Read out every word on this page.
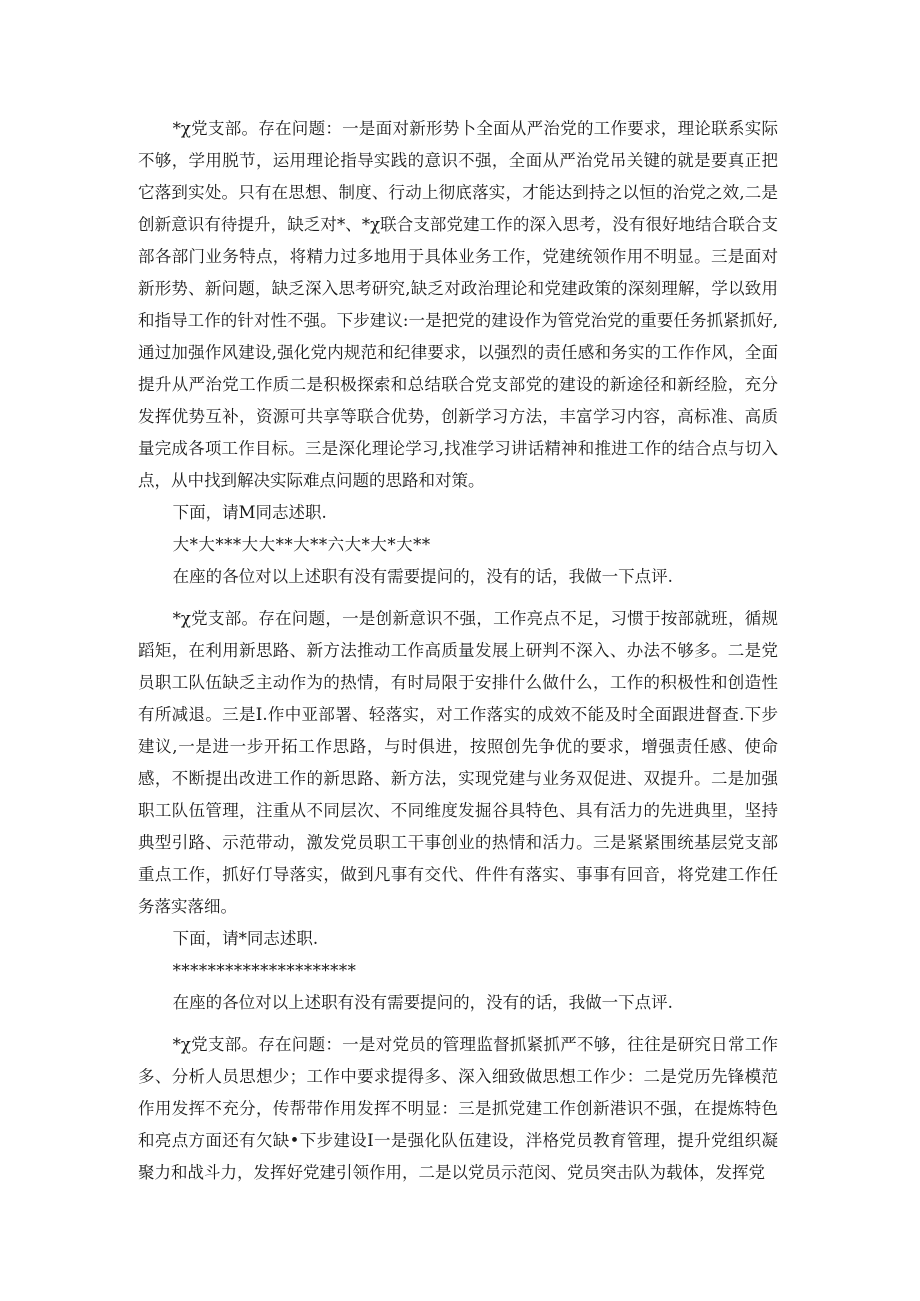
*χ党支部。存在问题：一是面对新形势卜全面从严治党的工作要求，理论联系实际不够，学用脱节，运用理论指导实践的意识不强，全面从严治党吊关键的就是要真正把它落到实处。只有在思想、制度、行动上彻底落实，才能达到持之以恒的治党之效,二是创新意识有待提升，缺乏对*、*χ联合支部党建工作的深入思考，没有很好地结合联合支部各部门业务特点，将精力过多地用于具体业务工作，党建统领作用不明显。三是面对新形势、新问题，缺乏深入思考研究,缺乏对政治理论和党建政策的深刻理解，学以致用和指导工作的针对性不强。下步建议:一是把党的建设作为管党治党的重要任务抓紧抓好,通过加强作风建设,强化党内规范和纪律要求，以强烈的责任感和务实的工作作风，全面提升从严治党工作质二是积极探索和总结联合党支部党的建设的新途径和新经脸，充分发挥优势互补，资源可共享等联合优势，创新学习方法，丰富学习内容，高标准、高质量完成各项工作目标。三是深化理论学习,找准学习讲话精神和推进工作的结合点与切入点，从中找到解决实际难点问题的思路和对策。

下面，请M同志述职.

大*大***大大**大**六大*大*大**

在座的各位对以上述职有没有需要提问的，没有的话，我做一下点评.

*χ党支部。存在问题，一是创新意识不强，工作亮点不足，习惯于按部就班，循规蹈矩，在利用新思路、新方法推动工作高质量发展上研判不深入、办法不够多。二是党员职工队伍缺乏主动作为的热情，有时局限于安排什么做什么，工作的积极性和创造性有所减退。三是I.作中亚部署、轻落实，对工作落实的成效不能及时全面跟进督查.下步建议,一是进一步开拓工作思路，与时俱进，按照创先争优的要求，增强责任感、使命感，不断提出改进工作的新思路、新方法，实现党建与业务双促进、双提升。二是加强职工队伍管理，注重从不同层次、不同维度发掘谷具特色、具有活力的先进典里，坚持典型引路、示范带动，激发党员职工干事创业的热情和活力。三是紧紧围统基层党支部重点工作，抓好仃导落实，做到凡事有交代、件件有落实、事事有回音，将党建工作任务落实落细。

下面，请*同志述职.

*********************

在座的各位对以上述职有没有需要提问的，没有的话，我做一下点评.

*χ党支部。存在问题：一是对党员的管理监督抓紧抓严不够，往往是研究日常工作多、分析人员思想少；工作中要求提得多、深入细致做思想工作少：二是党历先锋模范作用发挥不充分，传帮带作用发挥不明显：三是抓党建工作创新港识不强，在提炼特色和亮点方面还有欠缺•下步建设I一是强化队伍建设，泮格党员教育管理，提升党组织凝聚力和战斗力，发挥好党建引领作用，二是以党员示范闵、党员突击队为载体，发挥党
